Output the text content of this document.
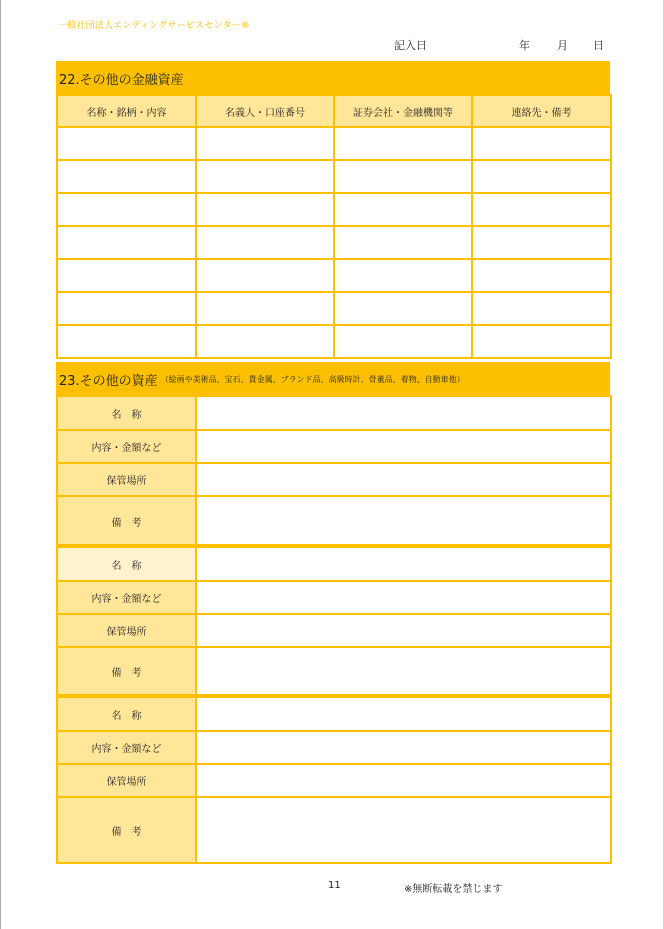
一般社団法人エンディングサービスセンター®
記入日	年 月 日
22.その他の金融資産
名称・銘柄・内容	名義人・口座番号	証券会社・金融機関等	連絡先・備考

23.その他の資産 （絵画や美術品、宝石、貴金属、ブランド品、高級時計、骨董品、着物、自動車他）
名　称	
内容・金額など	
保管場所	
備　考	
名　称	
内容・金額など	
保管場所	
備　考	
名　称	
内容・金額など	
保管場所	
備　考	
11	※無断転載を禁じます
